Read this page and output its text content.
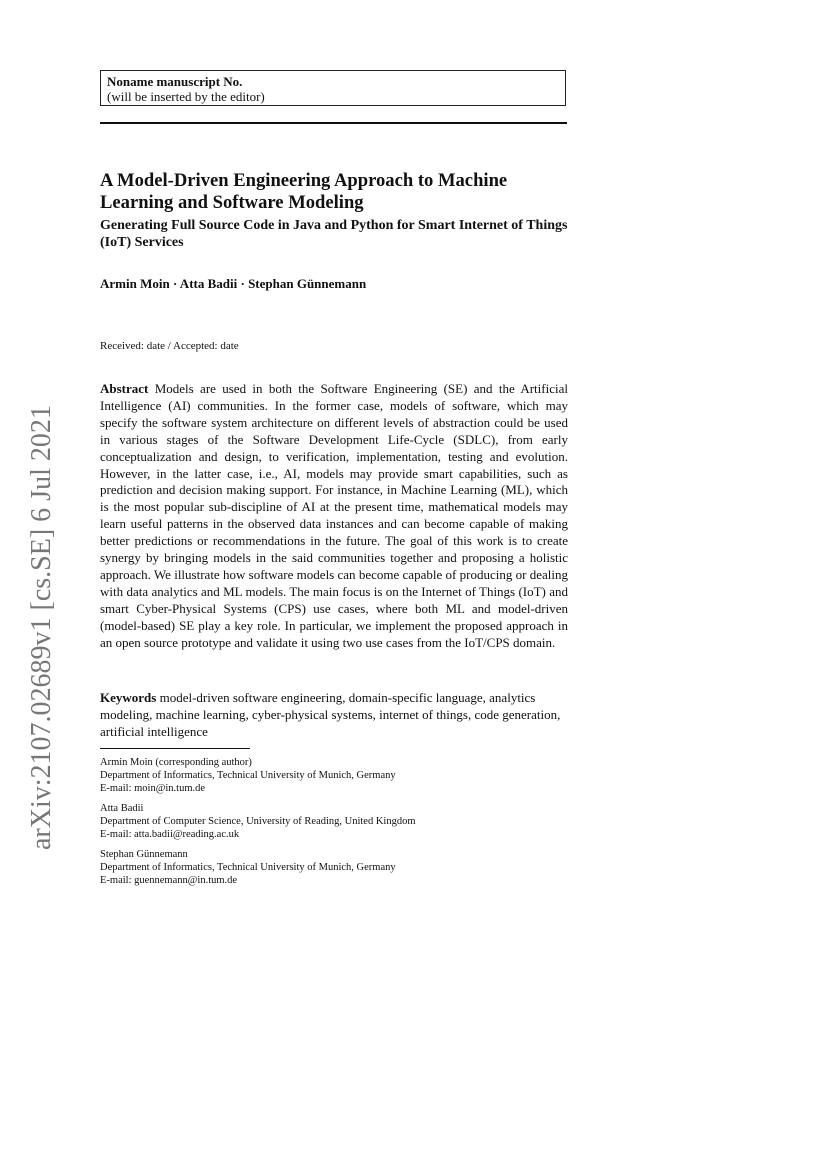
Noname manuscript No.
(will be inserted by the editor)
A Model-Driven Engineering Approach to Machine Learning and Software Modeling
Generating Full Source Code in Java and Python for Smart Internet of Things (IoT) Services
Armin Moin · Atta Badii · Stephan Günnemann
Received: date / Accepted: date
Abstract Models are used in both the Software Engineering (SE) and the Artificial Intelligence (AI) communities. In the former case, models of software, which may specify the software system architecture on different levels of abstraction could be used in various stages of the Software Development Life-Cycle (SDLC), from early conceptualization and design, to verification, implementation, testing and evolution. However, in the latter case, i.e., AI, models may provide smart capabilities, such as prediction and decision making support. For instance, in Machine Learning (ML), which is the most popular sub-discipline of AI at the present time, mathematical models may learn useful patterns in the observed data instances and can become capable of making better predictions or recommendations in the future. The goal of this work is to create synergy by bringing models in the said communities together and proposing a holistic approach. We illustrate how software models can become capable of producing or dealing with data analytics and ML models. The main focus is on the Internet of Things (IoT) and smart Cyber-Physical Systems (CPS) use cases, where both ML and model-driven (model-based) SE play a key role. In particular, we implement the proposed approach in an open source prototype and validate it using two use cases from the IoT/CPS domain.
Keywords model-driven software engineering, domain-specific language, analytics modeling, machine learning, cyber-physical systems, internet of things, code generation, artificial intelligence
Armin Moin (corresponding author)
Department of Informatics, Technical University of Munich, Germany
E-mail: moin@in.tum.de
Atta Badii
Department of Computer Science, University of Reading, United Kingdom
E-mail: atta.badii@reading.ac.uk
Stephan Günnemann
Department of Informatics, Technical University of Munich, Germany
E-mail: guennemann@in.tum.de
arXiv:2107.02689v1 [cs.SE] 6 Jul 2021
